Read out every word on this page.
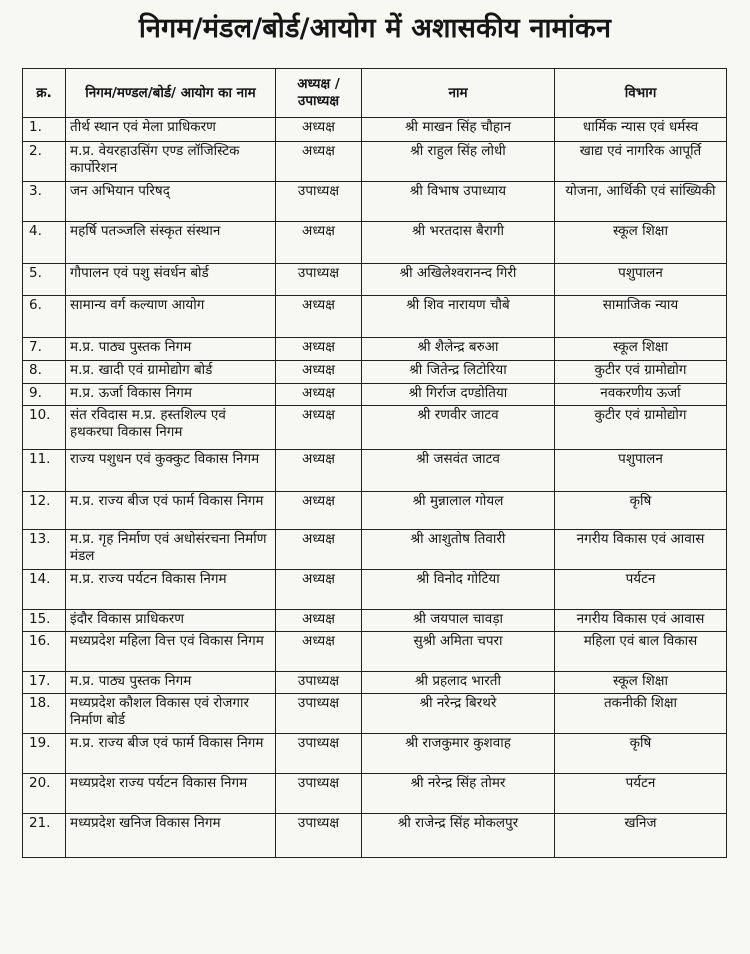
निगम/मंडल/बोर्ड/आयोग में अशासकीय नामांकन
क्र.	निगम/मण्डल/बोर्ड/ आयोग का नाम	अध्यक्ष / उपाध्यक्ष	नाम	विभाग
1.	तीर्थ स्थान एवं मेला प्राधिकरण	अध्यक्ष	श्री माखन सिंह चौहान	धार्मिक न्यास एवं धर्मस्व
2.	म.प्र. वेयरहाउसिंग एण्ड लॉजिस्टिक कार्पोरेशन	अध्यक्ष	श्री राहुल सिंह लोधी	खाद्य एवं नागरिक आपूर्ति
3.	जन अभियान परिषद्	उपाध्यक्ष	श्री विभाष उपाध्याय	योजना, आर्थिकी एवं सांख्यिकी
4.	महर्षि पतञ्जलि संस्कृत संस्थान	अध्यक्ष	श्री भरतदास बैरागी	स्कूल शिक्षा
5.	गौपालन एवं पशु संवर्धन बोर्ड	उपाध्यक्ष	श्री अखिलेश्वरानन्द गिरी	पशुपालन
6.	सामान्य वर्ग कल्याण आयोग	अध्यक्ष	श्री शिव नारायण चौबे	सामाजिक न्याय
7.	म.प्र. पाठ्य पुस्तक निगम	अध्यक्ष	श्री शैलेन्द्र बरुआ	स्कूल शिक्षा
8.	म.प्र. खादी एवं ग्रामोद्योग बोर्ड	अध्यक्ष	श्री जितेन्द्र लिटोरिया	कुटीर एवं ग्रामोद्योग
9.	म.प्र. ऊर्जा विकास निगम	अध्यक्ष	श्री गिर्राज दण्डोतिया	नवकरणीय ऊर्जा
10.	संत रविदास म.प्र. हस्तशिल्प एवं हथकरघा विकास निगम	अध्यक्ष	श्री रणवीर जाटव	कुटीर एवं ग्रामोद्योग
11.	राज्य पशुधन एवं कुक्कुट विकास निगम	अध्यक्ष	श्री जसवंत जाटव	पशुपालन
12.	म.प्र. राज्य बीज एवं फार्म विकास निगम	अध्यक्ष	श्री मुन्नालाल गोयल	कृषि
13.	म.प्र. गृह निर्माण एवं अधोसंरचना निर्माण मंडल	अध्यक्ष	श्री आशुतोष तिवारी	नगरीय विकास एवं आवास
14.	म.प्र. राज्य पर्यटन विकास निगम	अध्यक्ष	श्री विनोद गोटिया	पर्यटन
15.	इंदौर विकास प्राधिकरण	अध्यक्ष	श्री जयपाल चावड़ा	नगरीय विकास एवं आवास
16.	मध्यप्रदेश महिला वित्त एवं विकास निगम	अध्यक्ष	सुश्री अमिता चपरा	महिला एवं बाल विकास
17.	म.प्र. पाठ्य पुस्तक निगम	उपाध्यक्ष	श्री प्रहलाद भारती	स्कूल शिक्षा
18.	मध्यप्रदेश कौशल विकास एवं रोजगार निर्माण बोर्ड	उपाध्यक्ष	श्री नरेन्द्र बिरथरे	तकनीकी शिक्षा
19.	म.प्र. राज्य बीज एवं फार्म विकास निगम	उपाध्यक्ष	श्री राजकुमार कुशवाह	कृषि
20.	मध्यप्रदेश राज्य पर्यटन विकास निगम	उपाध्यक्ष	श्री नरेन्द्र सिंह तोमर	पर्यटन
21.	मध्यप्रदेश खनिज विकास निगम	उपाध्यक्ष	श्री राजेन्द्र सिंह मोकलपुर	खनिज
